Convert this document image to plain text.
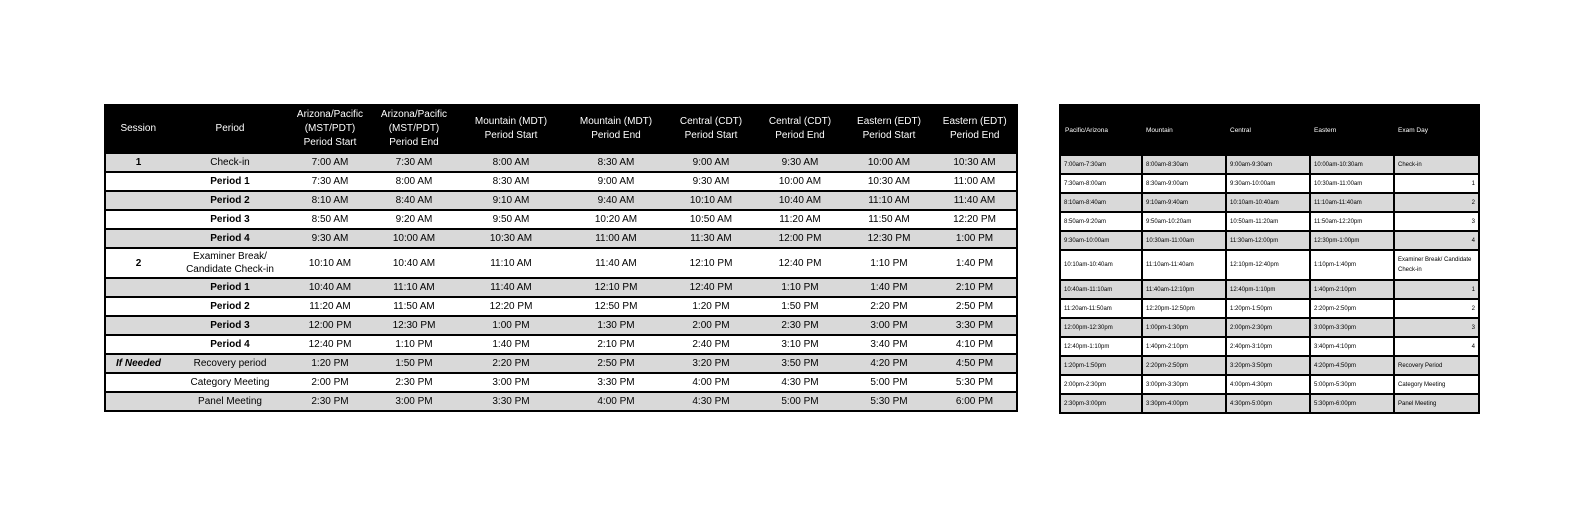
Session	Period	Arizona/Pacific (MST/PDT) Period Start	Arizona/Pacific (MST/PDT) Period End	Mountain (MDT) Period Start	Mountain (MDT) Period End	Central (CDT) Period Start	Central (CDT) Period End	Eastern (EDT) Period Start	Eastern (EDT) Period End
1	Check-in	7:00 AM	7:30 AM	8:00 AM	8:30 AM	9:00 AM	9:30 AM	10:00 AM	10:30 AM
	Period 1	7:30 AM	8:00 AM	8:30 AM	9:00 AM	9:30 AM	10:00 AM	10:30 AM	11:00 AM
	Period 2	8:10 AM	8:40 AM	9:10 AM	9:40 AM	10:10 AM	10:40 AM	11:10 AM	11:40 AM
	Period 3	8:50 AM	9:20 AM	9:50 AM	10:20 AM	10:50 AM	11:20 AM	11:50 AM	12:20 PM
	Period 4	9:30 AM	10:00 AM	10:30 AM	11:00 AM	11:30 AM	12:00 PM	12:30 PM	1:00 PM
2	Examiner Break/ Candidate Check-in	10:10 AM	10:40 AM	11:10 AM	11:40 AM	12:10 PM	12:40 PM	1:10 PM	1:40 PM
	Period 1	10:40 AM	11:10 AM	11:40 AM	12:10 PM	12:40 PM	1:10 PM	1:40 PM	2:10 PM
	Period 2	11:20 AM	11:50 AM	12:20 PM	12:50 PM	1:20 PM	1:50 PM	2:20 PM	2:50 PM
	Period 3	12:00 PM	12:30 PM	1:00 PM	1:30 PM	2:00 PM	2:30 PM	3:00 PM	3:30 PM
	Period 4	12:40 PM	1:10 PM	1:40 PM	2:10 PM	2:40 PM	3:10 PM	3:40 PM	4:10 PM
If Needed	Recovery period	1:20 PM	1:50 PM	2:20 PM	2:50 PM	3:20 PM	3:50 PM	4:20 PM	4:50 PM
	Category Meeting	2:00 PM	2:30 PM	3:00 PM	3:30 PM	4:00 PM	4:30 PM	5:00 PM	5:30 PM
	Panel Meeting	2:30 PM	3:00 PM	3:30 PM	4:00 PM	4:30 PM	5:00 PM	5:30 PM	6:00 PM
Pacific/Arizona	Mountain	Central	Eastern	Exam Day
7:00am-7:30am	8:00am-8:30am	9:00am-9:30am	10:00am-10:30am	Check-in
7:30am-8:00am	8:30am-9:00am	9:30am-10:00am	10:30am-11:00am	1
8:10am-8:40am	9:10am-9:40am	10:10am-10:40am	11:10am-11:40am	2
8:50am-9:20am	9:50am-10:20am	10:50am-11:20am	11:50am-12:20pm	3
9:30am-10:00am	10:30am-11:00am	11:30am-12:00pm	12:30pm-1:00pm	4
10:10am-10:40am	11:10am-11:40am	12:10pm-12:40pm	1:10pm-1:40pm	Examiner Break/ Candidate Check-in
10:40am-11:10am	11:40am-12:10pm	12:40pm-1:10pm	1:40pm-2:10pm	1
11:20am-11:50am	12:20pm-12:50pm	1:20pm-1:50pm	2:20pm-2:50pm	2
12:00pm-12:30pm	1:00pm-1:30pm	2:00pm-2:30pm	3:00pm-3:30pm	3
12:40pm-1:10pm	1:40pm-2:10pm	2:40pm-3:10pm	3:40pm-4:10pm	4
1:20pm-1:50pm	2:20pm-2:50pm	3:20pm-3:50pm	4:20pm-4:50pm	Recovery Period
2:00pm-2:30pm	3:00pm-3:30pm	4:00pm-4:30pm	5:00pm-5:30pm	Category Meeting
2:30pm-3:00pm	3:30pm-4:00pm	4:30pm-5:00pm	5:30pm-6:00pm	Panel Meeting
